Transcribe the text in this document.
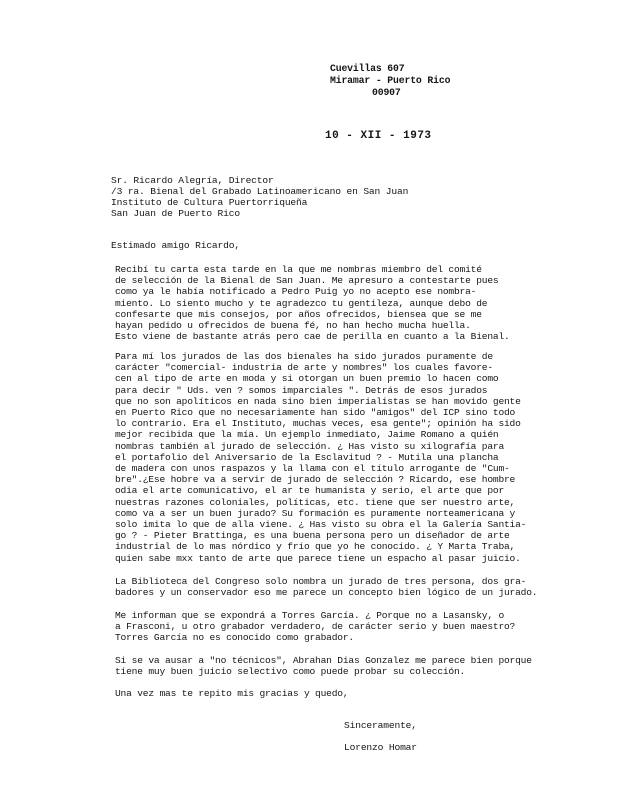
Cuevillas 607
Miramar - Puerto Rico
00907
10 - XII - 1973
Sr. Ricardo Alegría, Director
/3 ra. Bienal del Grabado Latinoamericano en San Juan
Instituto de Cultura Puertorriqueña
San Juan de Puerto Rico
Estimado amigo Ricardo,
Recibí tu carta esta tarde en la que me nombras miembro del comité
de selección de la Bienal de San Juan. Me apresuro a contestarte pues
como ya le había notificado a Pedro Puig yo no acepto ese nombra-
miento. Lo siento mucho y te agradezco tu gentileza, aunque debo de
confesarte que mis consejos, por años ofrecidos, biensea que se me
hayan pedido u ofrecidos de buena fé, no han hecho mucha huella.
Esto viene de bastante atrás pero cae de perilla en cuanto a la Bienal.
Para mí los jurados de las dos bienales ha sido jurados puramente de
carácter "comercial- industria de arte y nombres" los cuales favore-
cen al tipo de arte en moda y si otorgan un buen premio lo hacen como
para decir " Uds. ven ? somos imparciales ". Detrás de esos jurados
que no son apolíticos en nada sino bien imperialistas se han movido gente
en Puerto Rico que no necesariamente han sido "amigos" del ICP sino todo
lo contrario. Era el Instituto, muchas veces, esa gente"; opinión ha sido
mejor recibida que la mía. Un ejemplo inmediato, Jaime Romano a quién
nombras también al jurado de selección. ¿ Has visto su xilografía para
el portafolio del Aniversario de la Esclavitud ? - Mutila una plancha
de madera con unos raspazos y la llama con el título arrogante de "Cum-
bre".¿Ese hobre va a servir de jurado de selección ? Ricardo, ese hombre
odia el arte comunicativo, el ar te humanista y serio, el arte que por
nuestras razones coloniales, políticas, etc. tiene que ser nuestro arte,
como va a ser un buen jurado? Su formación es puramente norteamericana y
solo imita lo que de alla viene. ¿ Has visto su obra el la Galería Santia-
go ? - Pieter Brattinga, es una buena persona pero un diseñador de arte
industrial de lo mas nórdico y frío que yo he conocido. ¿ Y Marta Traba,
quien sabe mxx tanto de arte que parece tiene un espacho al pasar juicio.
La Biblioteca del Congreso solo nombra un jurado de tres persona, dos gra-
badores y un conservador eso me parece un concepto bien lógico de un jurado.
Me informan que se expondrá a Torres García. ¿ Porque no a Lasansky, o
a Frasconi, u otro grabador verdadero, de carácter serio y buen maestro?
Torres García no es conocido como grabador.
Si se va ausar a "no técnicos", Abrahan Dias Gonzalez me parece bien porque
tiene muy buen juicio selectivo como puede probar su colección.
Una vez mas te repito mis gracias y quedo,
Sinceramente,
Lorenzo Homar
